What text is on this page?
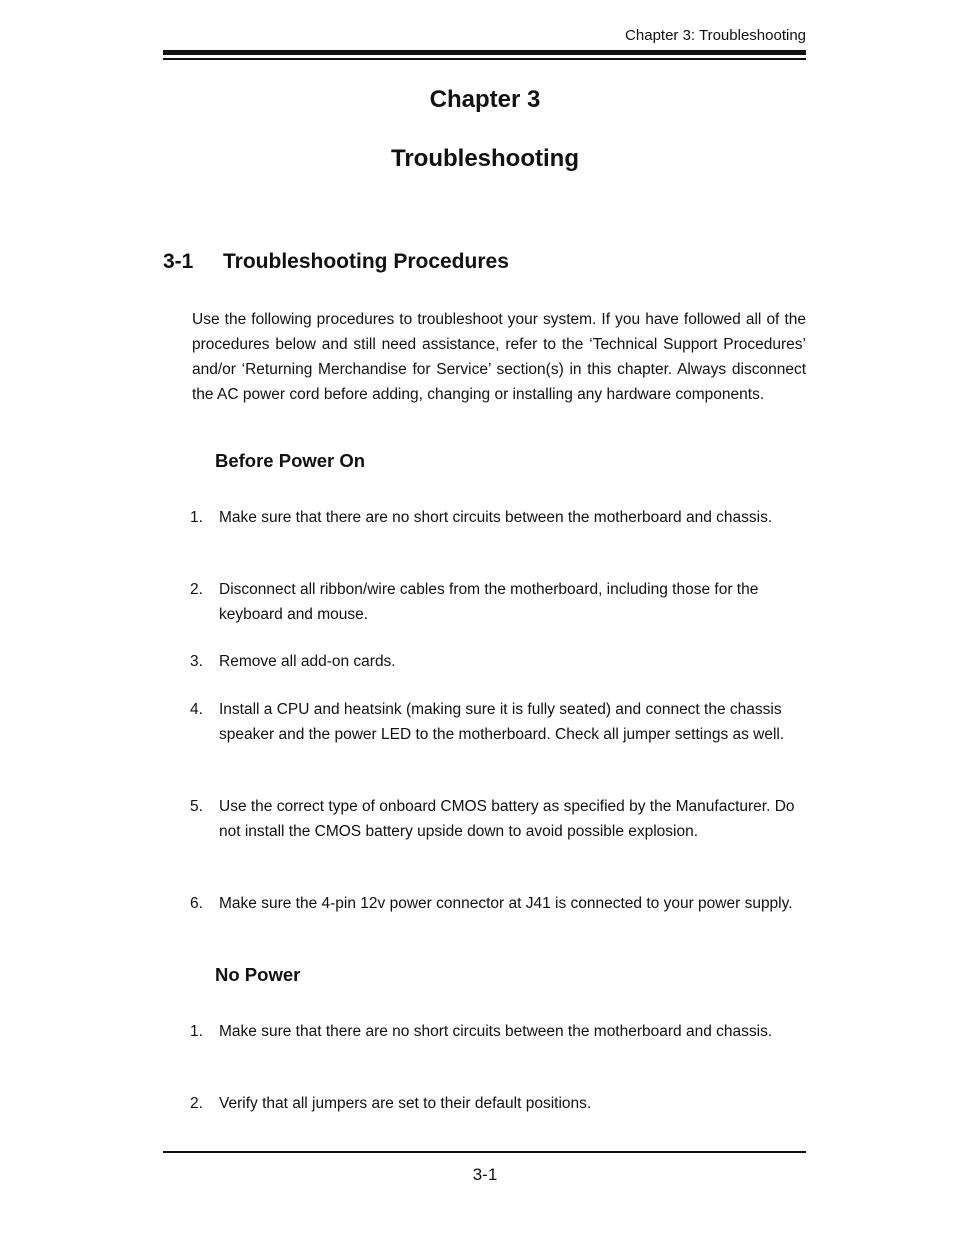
Chapter 3: Troubleshooting
Chapter 3
Troubleshooting
3-1 Troubleshooting Procedures

Use the following procedures to troubleshoot your system. If you have followed all of the procedures below and still need assistance, refer to the ‘Technical Support Procedures’ and/or ‘Returning Merchandise for Service’ section(s) in this chapter. Always disconnect the AC power cord before adding, changing or installing any hardware components.

Before Power On
1. Make sure that there are no short circuits between the motherboard and chassis.
2. Disconnect all ribbon/wire cables from the motherboard, including those for the keyboard and mouse.
3. Remove all add-on cards.
4. Install a CPU and heatsink (making sure it is fully seated) and connect the chassis speaker and the power LED to the motherboard. Check all jumper settings as well.
5. Use the correct type of onboard CMOS battery as specified by the Manufacturer. Do not install the CMOS battery upside down to avoid possible explosion.
6. Make sure the 4-pin 12v power connector at J41 is connected to your power supply.
No Power
1. Make sure that there are no short circuits between the motherboard and chassis.
2. Verify that all jumpers are set to their default positions.
3-1
